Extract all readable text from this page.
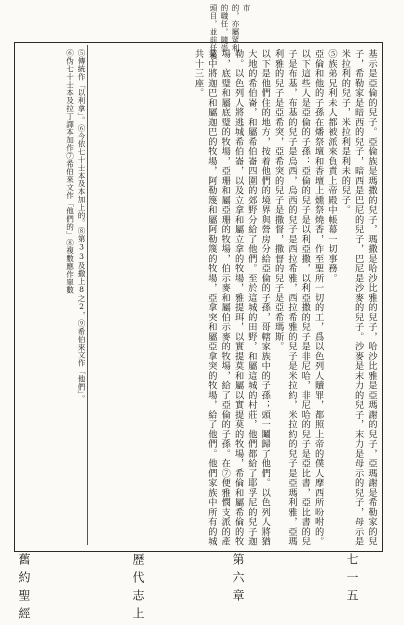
市

的，亦屬眾利

的職任，隨崇

頭目，並前任後

基示是亞倫的兒子。亞倫族是瑪撒的兒子，瑪撒是哈沙比雅的兒子，哈沙比雅是亞瑪謝的兒子，亞瑪謝是希勒家的兒子，希勒家是暗西的兒子，暗西是巴尼的兒子，巴尼是沙麥的兒子。沙麥是末力的兒子，末力是母示的兒子，母示是米拉利的兒子，米拉利是利未的兒子。

⑤族弟兄利未人都被派來負責上帝殿中帳幕一切事務。

亞倫和他的子孫在燔祭壇和香壇上燻祭燒香，作至聖所一切的工，爲以色列人贖罪，都照上帝的僕人摩西所吩咐的。以下這些人是亞倫的子孫：亞倫的兒子是以利亞撒，以利亞撒的兒子是非尼哈，非尼哈的兒子是亞比書，亞比書的兒子是布基，布基的兒子是烏西，烏西的兒子是西拉希雅，西拉希雅的兒子是米拉約，米拉約的兒子是亞瑪利雅，亞瑪利雅的兒子是亞希突，亞希突的兒子是撒督，撒督的兒子是亞希瑪斯。

以下是他們住的地方，按着他們的境界與營房分給亞倫的子孫，哥轄家族中的子孫；頭一鬮歸了他們。以色列人將猶大地的希伯崙，和屬希伯崙四圍的郊野分給了他們。至於這城的田野，和屬這城的村莊，他們都給了耶孚尼的兒子迦勒。以色列人將逃城希伯崙，以及立拿和屬立拿的牧場，雅提珥，以實提莫和屬以實提莫的牧場，希倫和屬希倫的牧場，底璧和屬底璧的牧場，亞珊和屬亞珊的牧場，伯示麥和屬伯示麥的牧場，給了亞倫的子孫。在⑦便雅憫支派的產業中將迦巴和屬迦巴的牧場，阿勒篾和屬阿勒篾的牧場，亞拿突和屬亞拿突的牧場，給了他們。他們家族中所有的城共十三座。

⑤傳統作「以利拿」。⑥今依七十士本及本加上的。⑧第33及撒上8之2，⑨希伯來文作「他們」。

⑥伪七十士本及拉丁譯本加作⑦希伯來文作「他們的」⑧複數應作單數

舊約聖經	歷代志上	第六章	七一五
